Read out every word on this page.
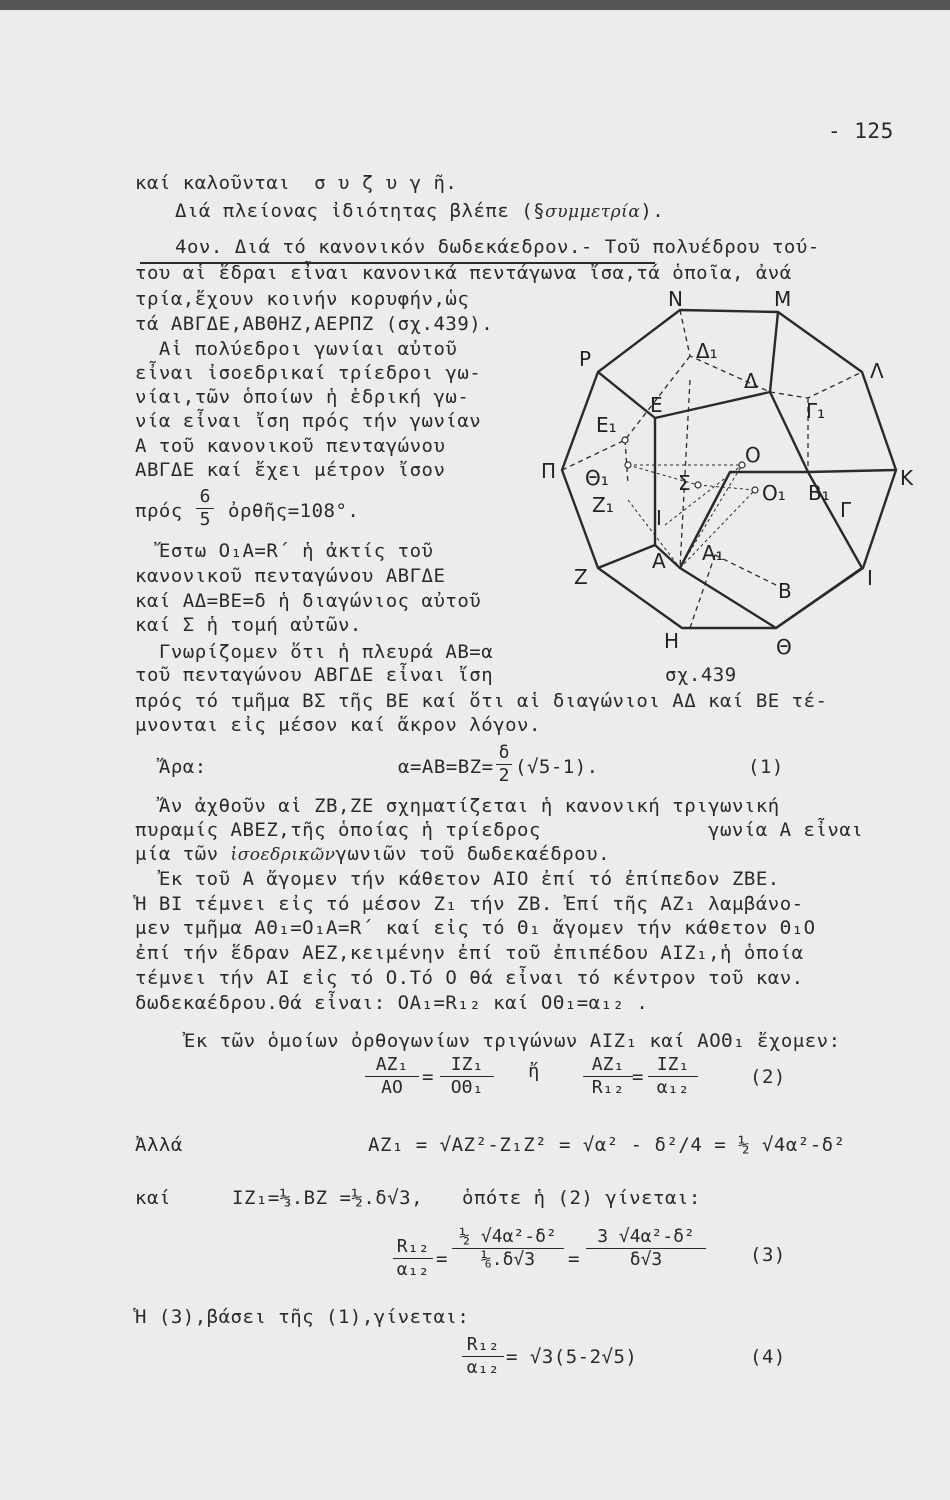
- 125
καί καλοῦνται  σ υ ζ υ γ ῆ.
Διά πλείονας ἰδιότητας βλέπε (§συμμετρία).
4ον. Διά τό κανονικόν δωδεκάεδρον.- Τοῦ πολυέδρου τού-
του αἱ ἕδραι εἶναι κανονικά πεντάγωνα ἴσα,τά ὁποῖα, ἀνά
τρία,ἔχουν κοινήν κορυφήν,ὡς
τά ΑΒΓΔΕ,ΑΒΘΗΖ,ΑΕΡΠΖ (σχ.439).
Αἱ πολύεδροι γωνίαι αὐτοῦ
εἶναι ἰσοεδρικαί τρίεδροι γω-
νίαι,τῶν ὁποίων ἡ ἑδρική γω-
νία εἶναι ἴση πρός τήν γωνίαν
Α τοῦ κανονικοῦ πενταγώνου
ΑΒΓΔΕ καί ἔχει μέτρον ἴσον
πρός $\frac{6}{5}$ ὀρθῆς=108°.
Ἔστω Ο₁Α=R΄ ἡ ἀκτίς τοῦ
κανονικοῦ πενταγώνου ΑΒΓΔΕ
καί ΑΔ=ΒΕ=δ ἡ διαγώνιος αὐτοῦ
καί Σ ἡ τομή αὐτῶν.
Γνωρίζομεν ὅτι ἡ πλευρά ΑΒ=α
τοῦ πενταγώνου ΑΒΓΔΕ εἶναι ἴση	σχ.439
πρός τό τμῆμα ΒΣ τῆς ΒΕ καί ὅτι αἱ διαγώνιοι ΑΔ καί ΒΕ τέ-
μνονται εἰς μέσον καί ἄκρον λόγον.
Ἄρα:	$\alpha=AB=BZ= \frac{\delta}{2} (√5-1)$.	(1)
Ἄν ἀχθοῦν αἱ ΖΒ,ΖΕ σχηματίζεται ἡ κανονική τριγωνική
πυραμίς ΑΒΕΖ,τῆς ὁποίας ἡ τρίεδρος	γωνία Α εἶναι
μία τῶν ἰσοεδρικῶνγωνιῶν τοῦ δωδεκαέδρου.
Ἐκ τοῦ Α ἄγομεν τήν κάθετον ΑΙΟ ἐπί τό ἐπίπεδον ΖΒΕ.
Ἡ ΒΙ τέμνει εἰς τό μέσον Ζ₁ τήν ΖΒ. Ἐπί τῆς ΑΖ₁ λαμβάνο-
μεν τμῆμα ΑΘ₁=Ο₁Α=R΄ καί εἰς τό Θ₁ ἄγομεν τήν κάθετον Θ₁Ο
ἐπί τήν ἕδραν ΑΕΖ,κειμένην ἐπί τοῦ ἐπιπέδου ΑΙΖ₁,ἡ ὁποία
τέμνει τήν ΑΙ εἰς τό Ο.Τό Ο θά εἶναι τό κέντρον τοῦ καν.
δωδεκαέδρου.Θά εἶναι: ΟΑ₁=R₁₂ καί ΟΘ₁=α₁₂ .
Ἐκ τῶν ὁμοίων ὀρθογωνίων τριγώνων ΑΙΖ₁ καί ΑΟΘ₁ ἔχομεν:
$\frac{\text{ΑΖ₁}}{AO} = \frac{\text{ΙΖ₁}}{\text{ΟΘ₁}}$ ἤ $\frac{\text{ΑΖ₁}}{\text{R₁₂}} = \frac{\text{ΙΖ₁}}{\text{α₁₂}}$	(2)
Ἀλλά	ΑΖ₁ = √ΑΖ²-Ζ₁Ζ² = √α² - δ²/4 = ½ √4α²-δ²
καί	ΙΖ₁=⅓.ΒΖ =½.δ√3, ὁπότε ἡ (2) γίνεται:
$\frac{\text{R₁₂}}{\text{α₁₂}} = \frac{\text{½ √4α²-δ²}}{\text{⅙.δ√3}} = \frac{\text{3 √4α²-δ²}}{\delta√3} (3)$
Ἡ (3),βάσει τῆς (1),γίνεται:
$\frac{\text{R₁₂}}{\text{α₁₂}} = √3(5-2√5)$	(4)
Ν	Μ
Λ
Κ
Ι
Θ
Η
Ζ
Π
Ρ	Δ₁
Δ
Γ₁
Ε₁
Ε
Ο
Θ₁	Σ	Ο₁ Β₁
Γ
Ζ₁
Ι
Α Α₁
Β
